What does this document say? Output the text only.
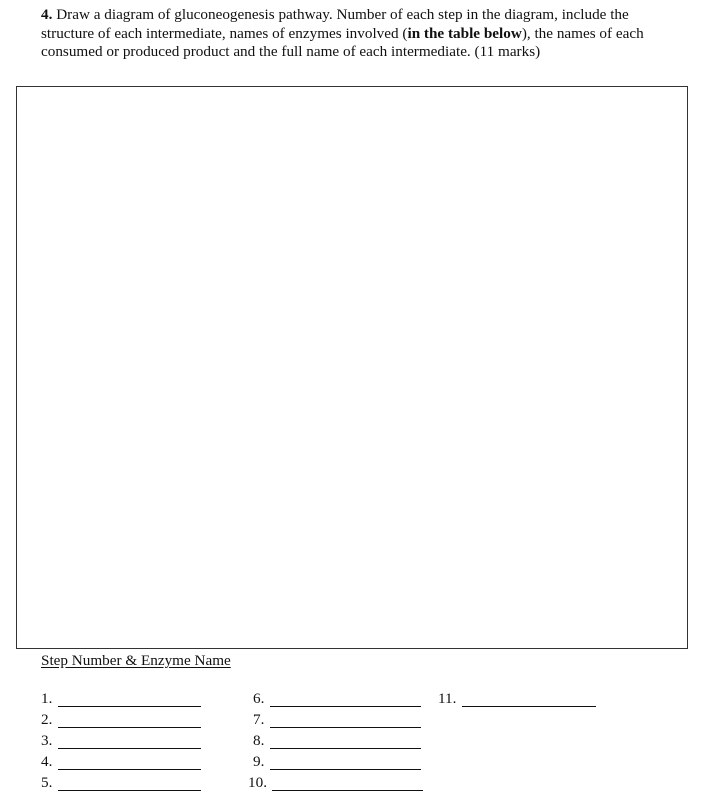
4. Draw a diagram of gluconeogenesis pathway. Number of each step in the diagram, include the structure of each intermediate, names of enzymes involved (in the table below), the names of each consumed or produced product and the full name of each intermediate. (11 marks)
Step Number & Enzyme Name
1.
2.
3.
4.
5.
6.
7.
8.
9.
10.
11.
